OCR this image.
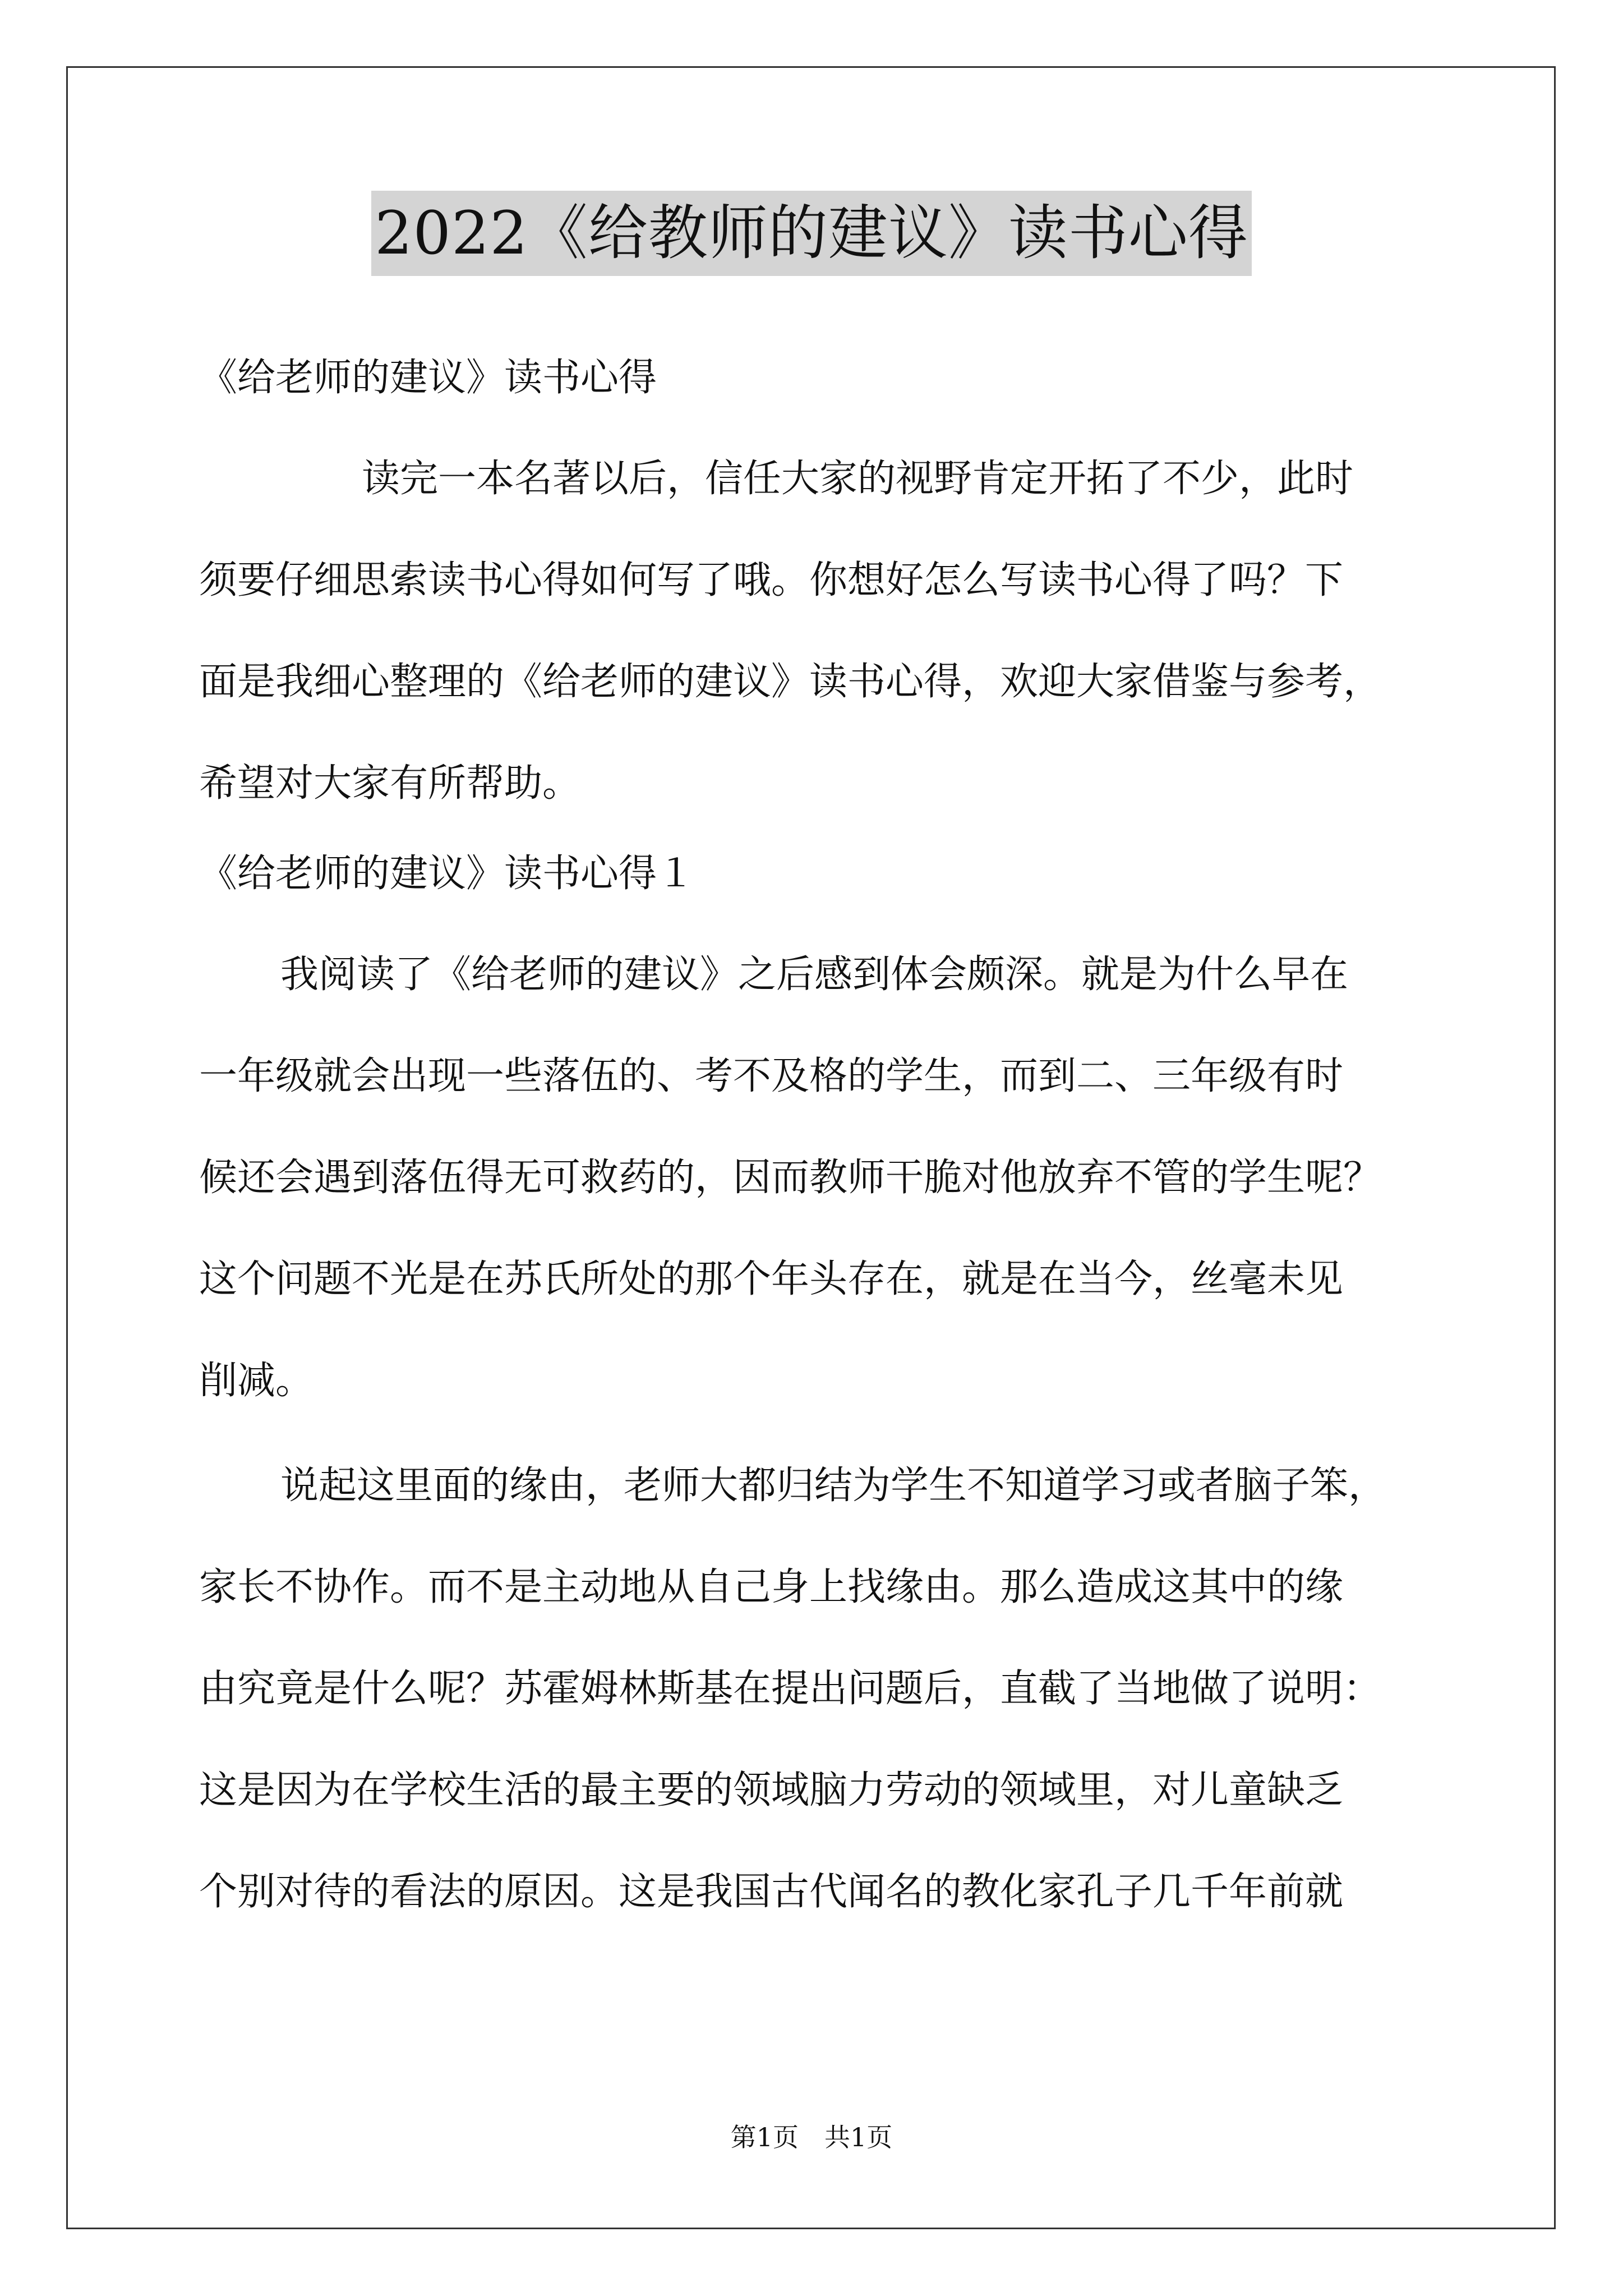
2022《给教师的建议》读书心得

《给老师的建议》读书心得

读完一本名著以后，信任大家的视野肯定开拓了不少，此时
须要仔细思索读书心得如何写了哦。你想好怎么写读书心得了吗？下
面是我细心整理的《给老师的建议》读书心得，欢迎大家借鉴与参考，
希望对大家有所帮助。

《给老师的建议》读书心得１

我阅读了《给老师的建议》之后感到体会颇深。就是为什么早在
一年级就会出现一些落伍的、考不及格的学生，而到二、三年级有时
候还会遇到落伍得无可救药的，因而教师干脆对他放弃不管的学生呢？
这个问题不光是在苏氏所处的那个年头存在，就是在当今，丝毫未见
削减。

说起这里面的缘由，老师大都归结为学生不知道学习或者脑子笨，
家长不协作。而不是主动地从自己身上找缘由。那么造成这其中的缘
由究竟是什么呢？苏霍姆林斯基在提出问题后，直截了当地做了说明：
这是因为在学校生活的最主要的领域脑力劳动的领域里，对儿童缺乏
个别对待的看法的原因。这是我国古代闻名的教化家孔子几千年前就

第1页　共1页
